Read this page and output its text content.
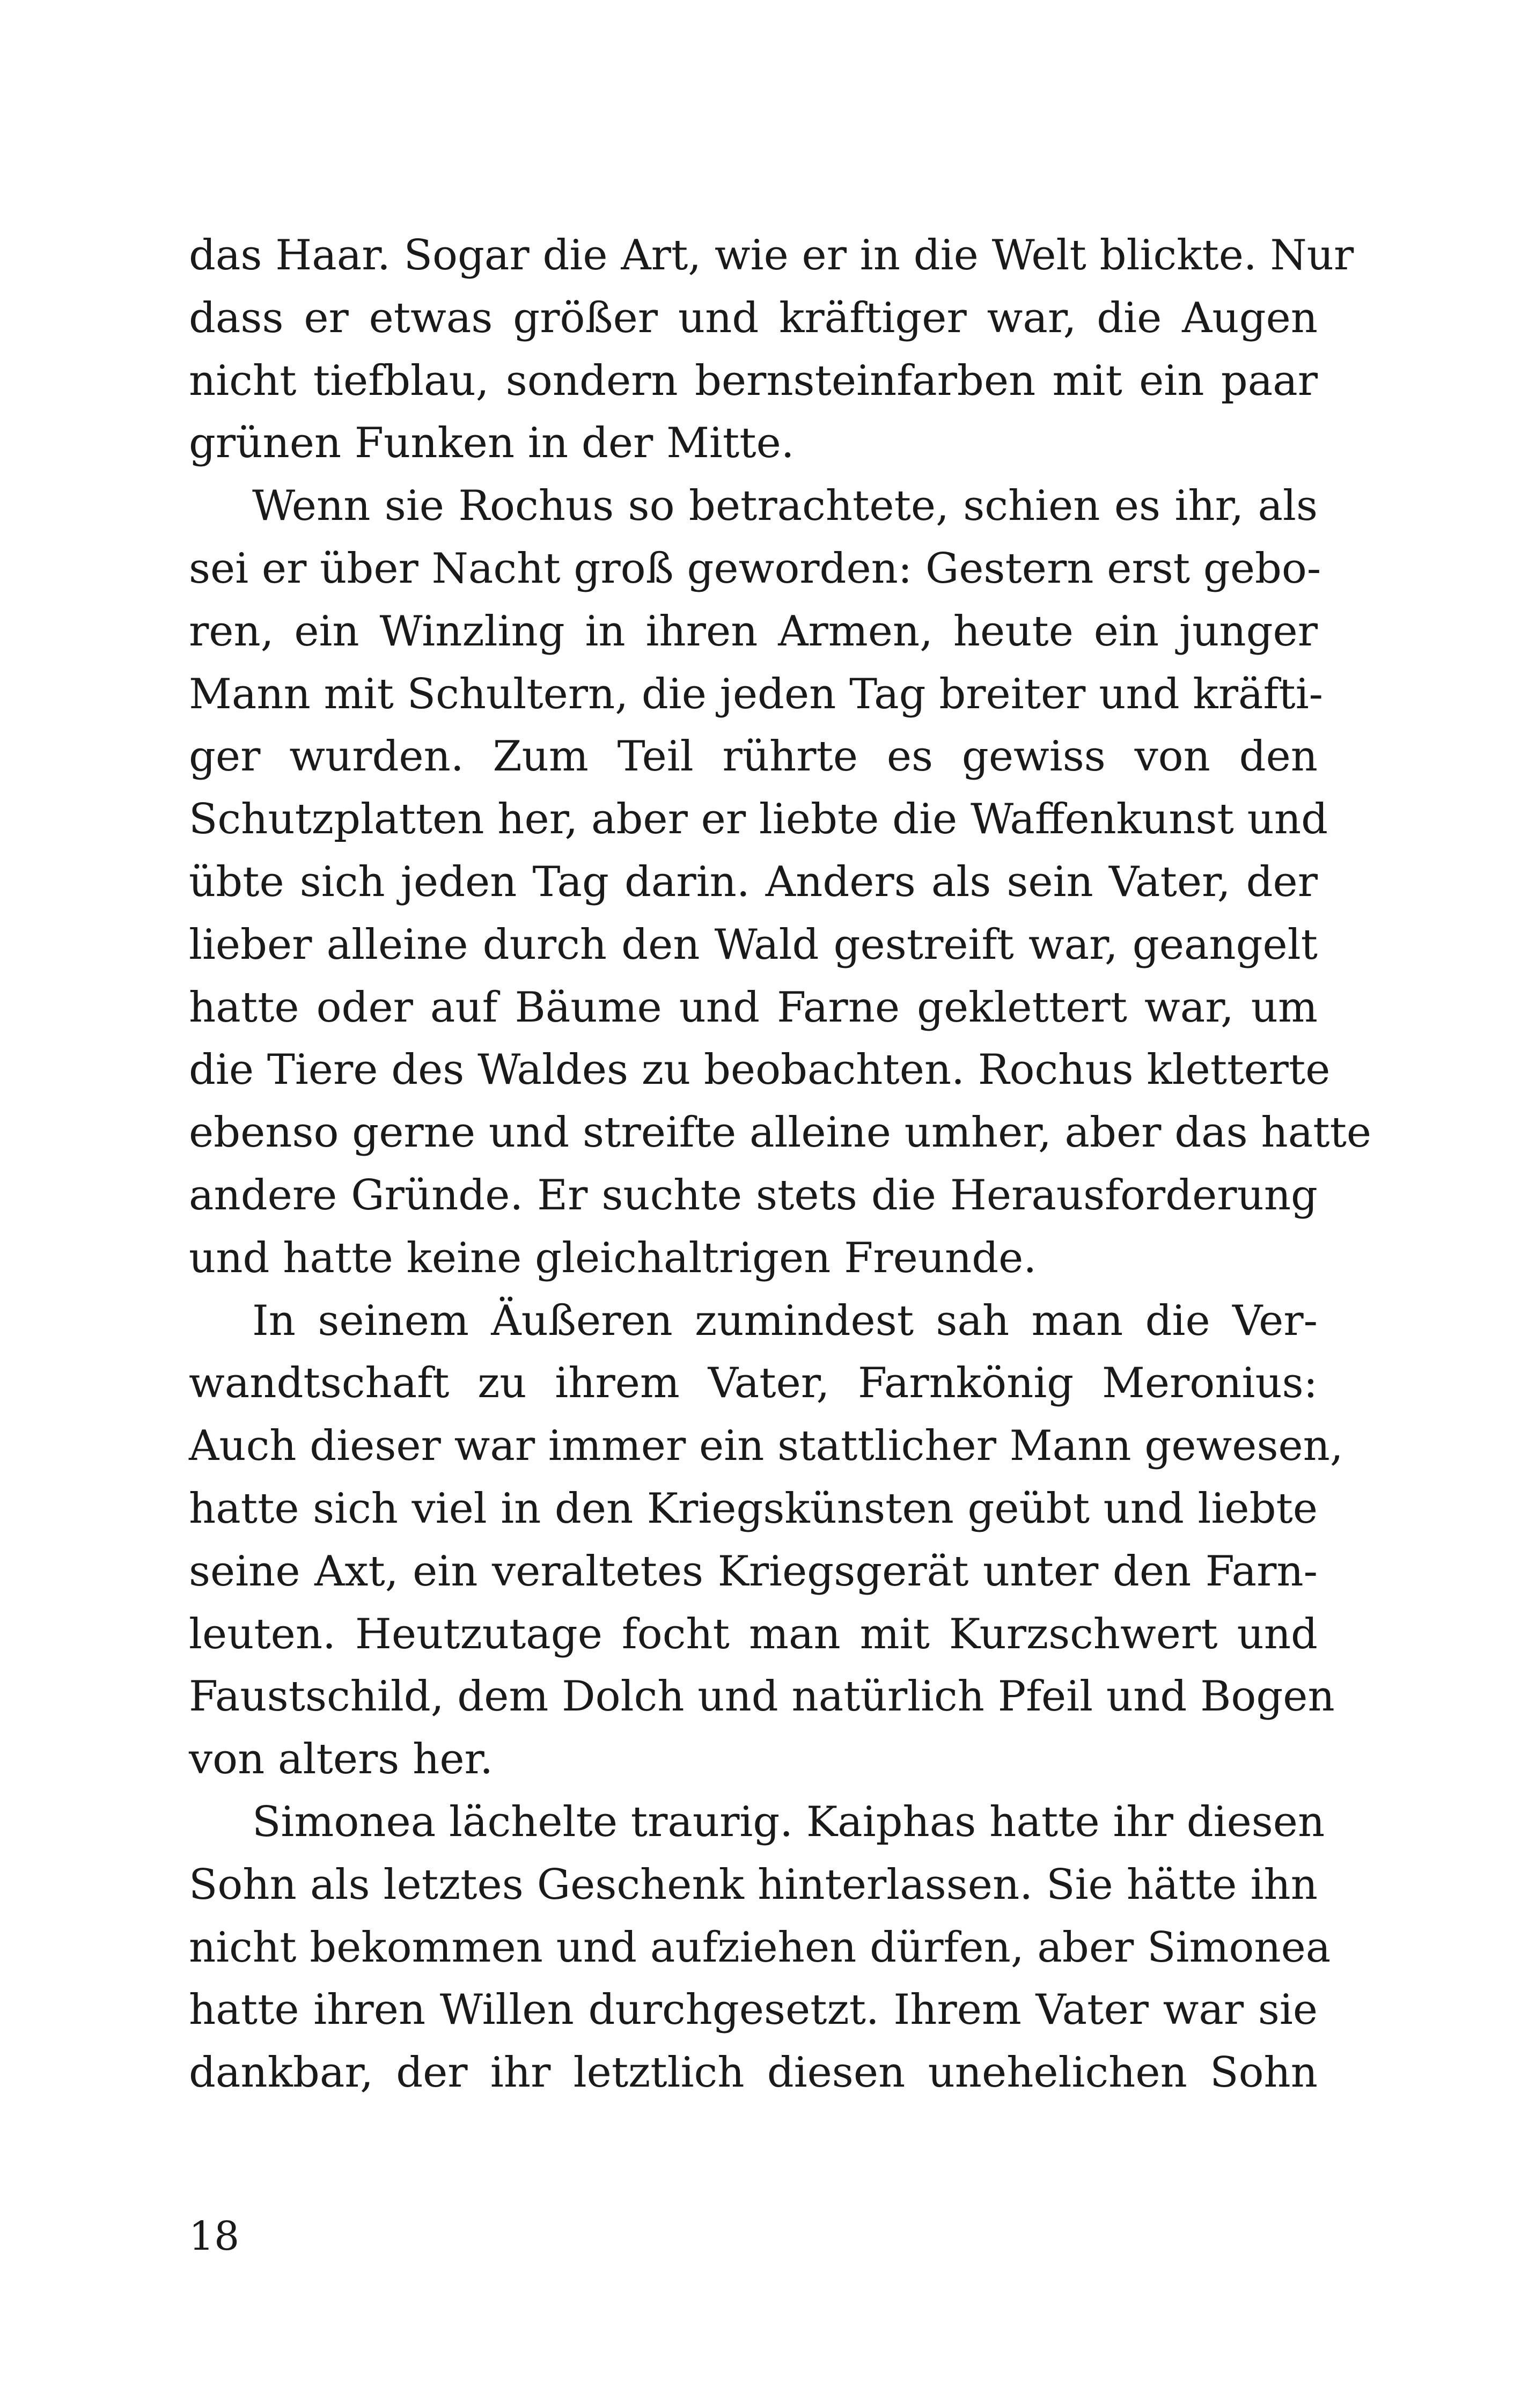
das Haar. Sogar die Art, wie er in die Welt blickte. Nur
dass er etwas größer und kräftiger war, die Augen
nicht tiefblau, sondern bernsteinfarben mit ein paar
grünen Funken in der Mitte.
Wenn sie Rochus so betrachtete, schien es ihr, als
sei er über Nacht groß geworden: Gestern erst gebo-
ren, ein Winzling in ihren Armen, heute ein junger
Mann mit Schultern, die jeden Tag breiter und kräfti-
ger wurden. Zum Teil rührte es gewiss von den
Schutzplatten her, aber er liebte die Waffenkunst und
übte sich jeden Tag darin. Anders als sein Vater, der
lieber alleine durch den Wald gestreift war, geangelt
hatte oder auf Bäume und Farne geklettert war, um
die Tiere des Waldes zu beobachten. Rochus kletterte
ebenso gerne und streifte alleine umher, aber das hatte
andere Gründe. Er suchte stets die Herausforderung
und hatte keine gleichaltrigen Freunde.
In seinem Äußeren zumindest sah man die Ver-
wandtschaft zu ihrem Vater, Farnkönig Meronius:
Auch dieser war immer ein stattlicher Mann gewesen,
hatte sich viel in den Kriegskünsten geübt und liebte
seine Axt, ein veraltetes Kriegsgerät unter den Farn-
leuten. Heutzutage focht man mit Kurzschwert und
Faustschild, dem Dolch und natürlich Pfeil und Bogen
von alters her.
Simonea lächelte traurig. Kaiphas hatte ihr diesen
Sohn als letztes Geschenk hinterlassen. Sie hätte ihn
nicht bekommen und aufziehen dürfen, aber Simonea
hatte ihren Willen durchgesetzt. Ihrem Vater war sie
dankbar, der ihr letztlich diesen unehelichen Sohn
18
